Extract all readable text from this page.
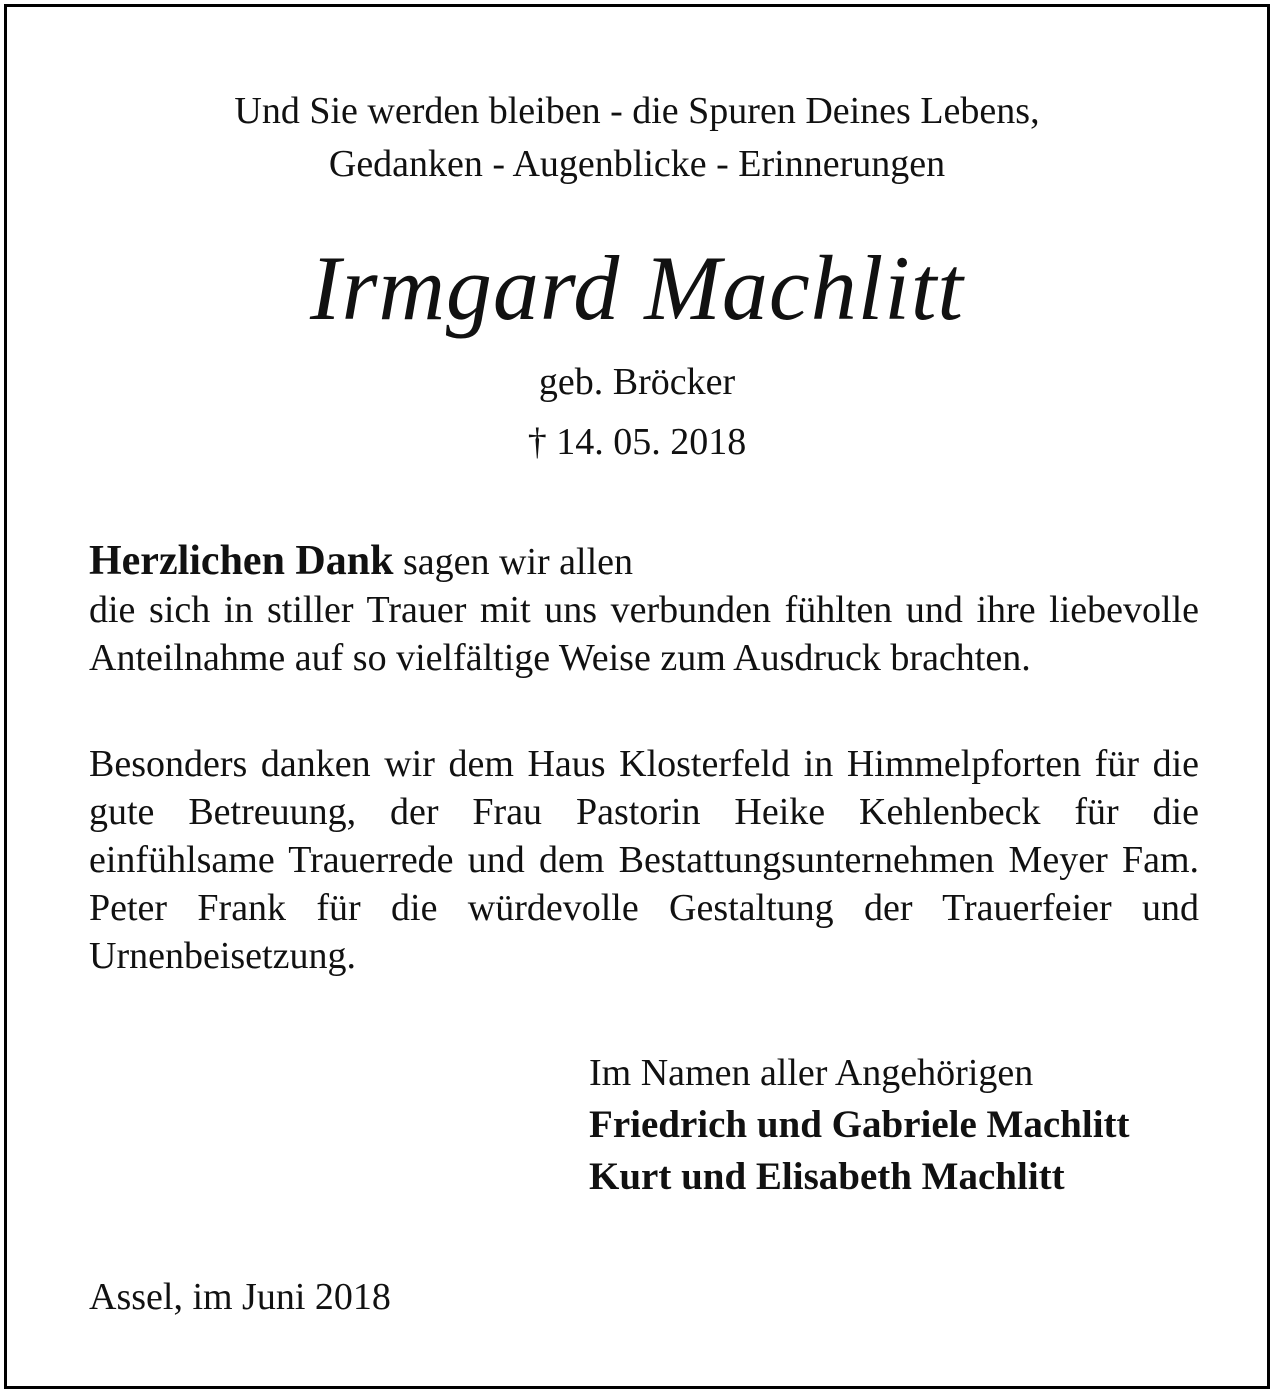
Und Sie werden bleiben - die Spuren Deines Lebens,
Gedanken - Augenblicke - Erinnerungen
Irmgard Machlitt
geb. Bröcker
† 14. 05. 2018
Herzlichen Dank sagen wir allen
die sich in stiller Trauer mit uns verbunden fühlten und ihre liebevolle Anteilnahme auf so vielfältige Weise zum Ausdruck brachten.
Besonders danken wir dem Haus Klosterfeld in Himmelpforten für die gute Betreuung, der Frau Pastorin Heike Kehlenbeck für die einfühlsame Trauerrede und dem Bestattungsunternehmen Meyer Fam. Peter Frank für die würdevolle Gestaltung der Trauerfeier und Urnenbeisetzung.
Im Namen aller Angehörigen
Friedrich und Gabriele Machlitt
Kurt und Elisabeth Machlitt
Assel, im Juni 2018
